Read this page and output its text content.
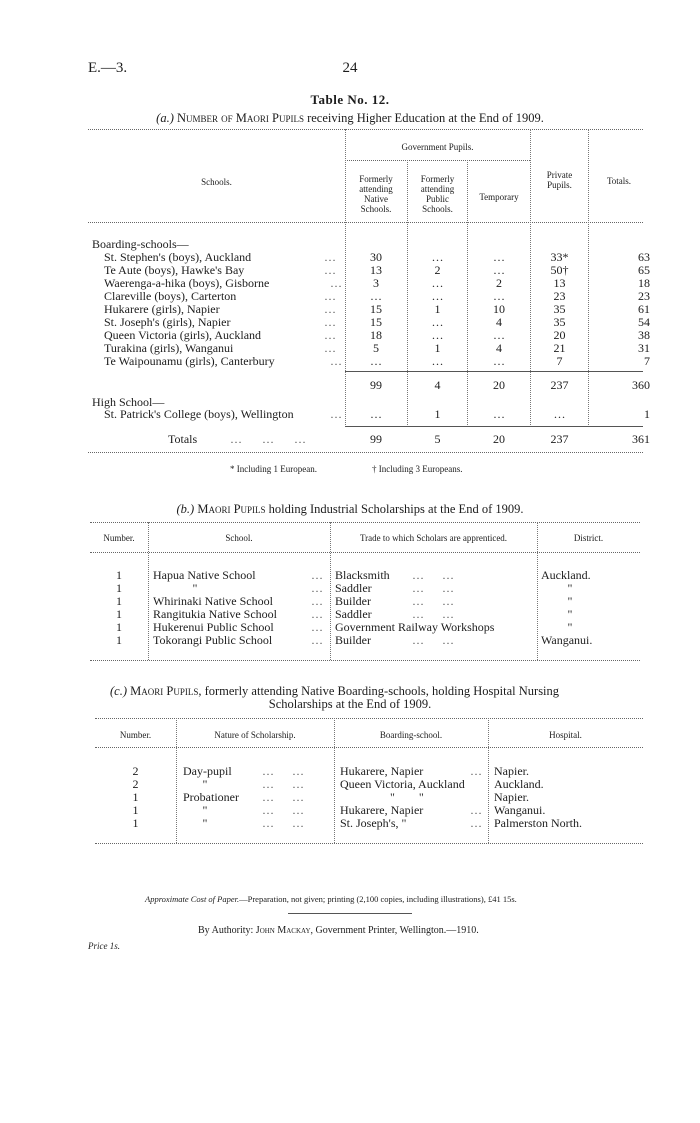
E.—3.	24
Table No. 12.
(a.) Number of Maori Pupils receiving Higher Education at the End of 1909.
Schools.
Government Pupils.
Formerly
attending
Native
Schools.
Formerly
attending
Public
Schools.
Temporary
Private
Pupils.	Totals.
Boarding-schools—
St. Stephen's (boys), Auckland	…	30	…	…	33*	63
Te Aute (boys), Hawke's Bay	…	13	2	…	50†	65
Waerenga-a-hika (boys), Gisborne	…	3	…	2	13	18
Clareville (boys), Carterton	…	…	…	…	23	23
Hukarere (girls), Napier	…	15	1	10	35	61
St. Joseph's (girls), Napier	…	15	…	4	35	54
Queen Victoria (girls), Auckland	…	18	…	…	20	38
Turakina (girls), Wanganui	…	5	1	4	21	31
Te Waipounamu (girls), Canterbury	…	…	…	…	7	7
99	4	20	237	360
High School—
St. Patrick's College (boys), Wellington	…	…	1	…	…	1
Totals	………	99	5	20	237	361
* Including 1 European.	† Including 3 Europeans.
(b.) Maori Pupils holding Industrial Scholarships at the End of 1909.
Number.	School.	Trade to which Scholars are apprenticed.	District.
1	Hapua Native School	… Blacksmith ……	Auckland.
1	"	… Saddler	……	"
1	Whirinaki Native School	… Builder	……	"
1	Rangitukia Native School	… Saddler	……	"
1	Hukerenui Public School	… Government Railway Workshops	"
1	Tokorangi Public School	… Builder	……	Wanganui.
(c.) Maori Pupils, formerly attending Native Boarding-schools, holding Hospital Nursing
Scholarships at the End of 1909.
Number.	Nature of Scholarship.	Boarding-school.	Hospital.
2	Day-pupil	…… Hukarere, Napier	… Napier.
2	"	…… Queen Victoria, Auckland Auckland.
1	Probationer ……	"        "	Napier.
1	"	…… Hukarere, Napier	… Wanganui.
1	"	…… St. Joseph's, "	… Palmerston North.
Approximate Cost of Paper.—Preparation, not given; printing (2,100 copies, including illustrations), £41 15s.
By Authority: John Mackay, Government Printer, Wellington.—1910.
Price 1s.
